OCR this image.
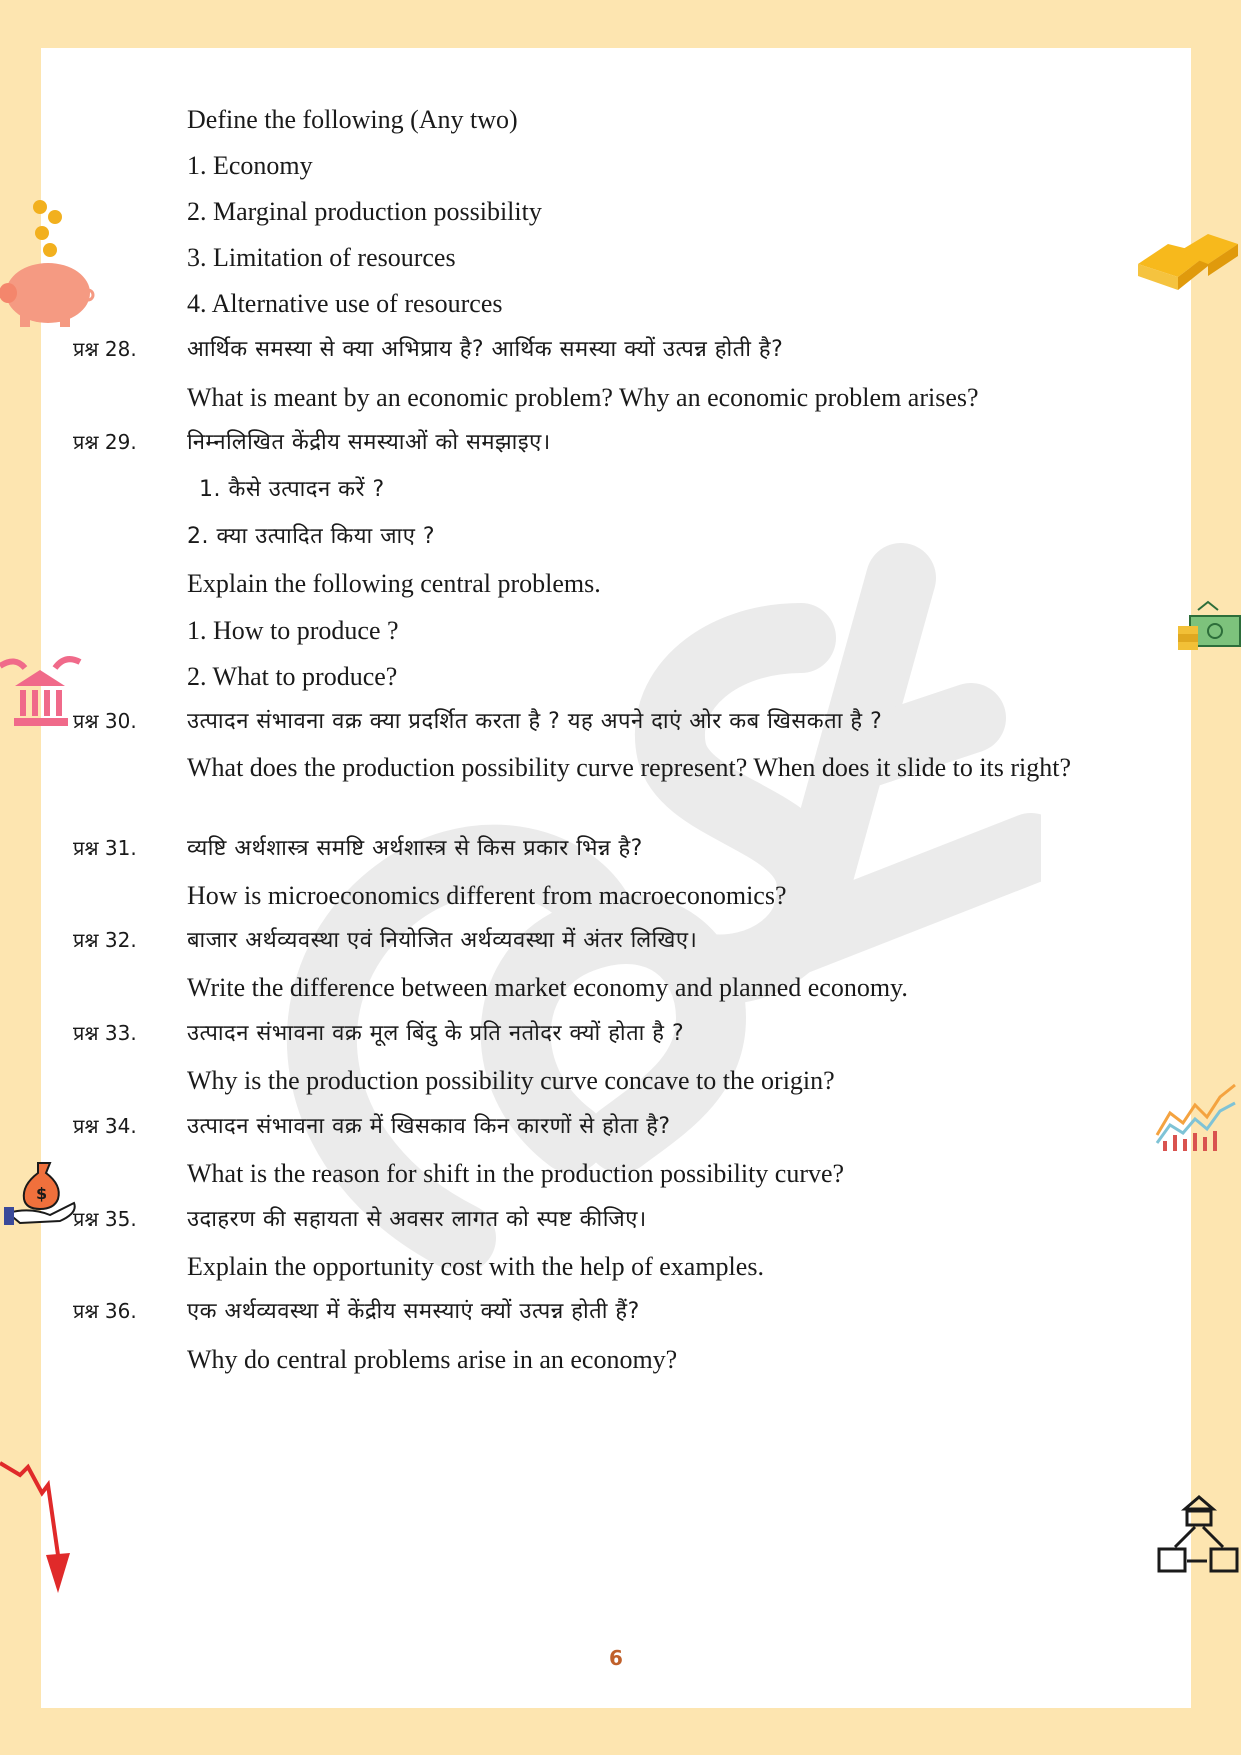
Define the following (Any two)
1. Economy
2. Marginal production possibility
3. Limitation of resources
4. Alternative use of resources
प्रश्न 28. आर्थिक समस्या से क्या अभिप्राय है? आर्थिक समस्या क्यों उत्पन्न होती है?
What is meant by an economic problem? Why an economic problem arises?
प्रश्न 29. निम्नलिखित केंद्रीय समस्याओं को समझाइए।
1. कैसे उत्पादन करें ?
2. क्या उत्पादित किया जाए ?
Explain the following central problems.
1. How to produce ?
2. What to produce?
प्रश्न 30. उत्पादन संभावना वक्र क्या प्रदर्शित करता है ? यह अपने दाएं ओर कब खिसकता है ?
What does the production possibility curve represent? When does it slide to its right?
प्रश्न 31. व्यष्टि अर्थशास्त्र समष्टि अर्थशास्त्र से किस प्रकार भिन्न है?
How is microeconomics different from macroeconomics?
प्रश्न 32. बाजार अर्थव्यवस्था एवं नियोजित अर्थव्यवस्था में अंतर लिखिए।
Write the difference between market economy and planned economy.
प्रश्न 33. उत्पादन संभावना वक्र मूल बिंदु के प्रति नतोदर क्यों होता है ?
Why is the production possibility curve concave to the origin?
प्रश्न 34. उत्पादन संभावना वक्र में खिसकाव किन कारणों से होता है?
What is the reason for shift in the production possibility curve?
प्रश्न 35. उदाहरण की सहायता से अवसर लागत को स्पष्ट कीजिए।
Explain the opportunity cost with the help of examples.
प्रश्न 36. एक अर्थव्यवस्था में केंद्रीय समस्याएं क्यों उत्पन्न होती हैं?
Why do central problems arise in an economy?
6
$
